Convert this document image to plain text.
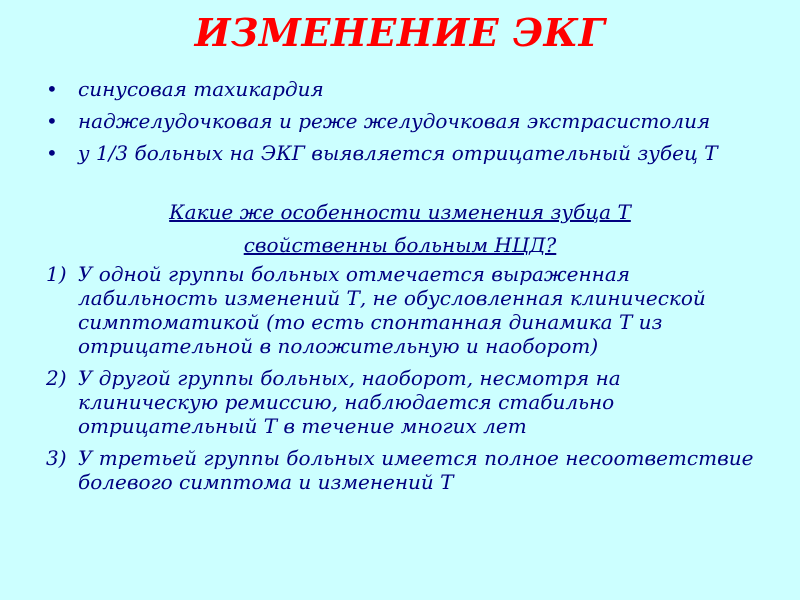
ИЗМЕНЕНИЕ ЭКГ
• синусовая тахикардия
• наджелудочковая и реже желудочковая экстрасистолия
• у 1/3 больных на ЭКГ выявляется отрицательный зубец Т
Какие же особенности изменения зубца Т
свойственны больным НЦД?
1) У одной группы больных отмечается выраженная лабильность изменений Т, не обусловленная клинической симптоматикой (то есть спонтанная динамика Т из отрицательной в положительную и наоборот)
2) У другой группы больных, наоборот, несмотря на клиническую ремиссию, наблюдается стабильно отрицательный Т в течение многих лет
3) У третьей группы больных имеется полное несоответствие болевого симптома и изменений Т
